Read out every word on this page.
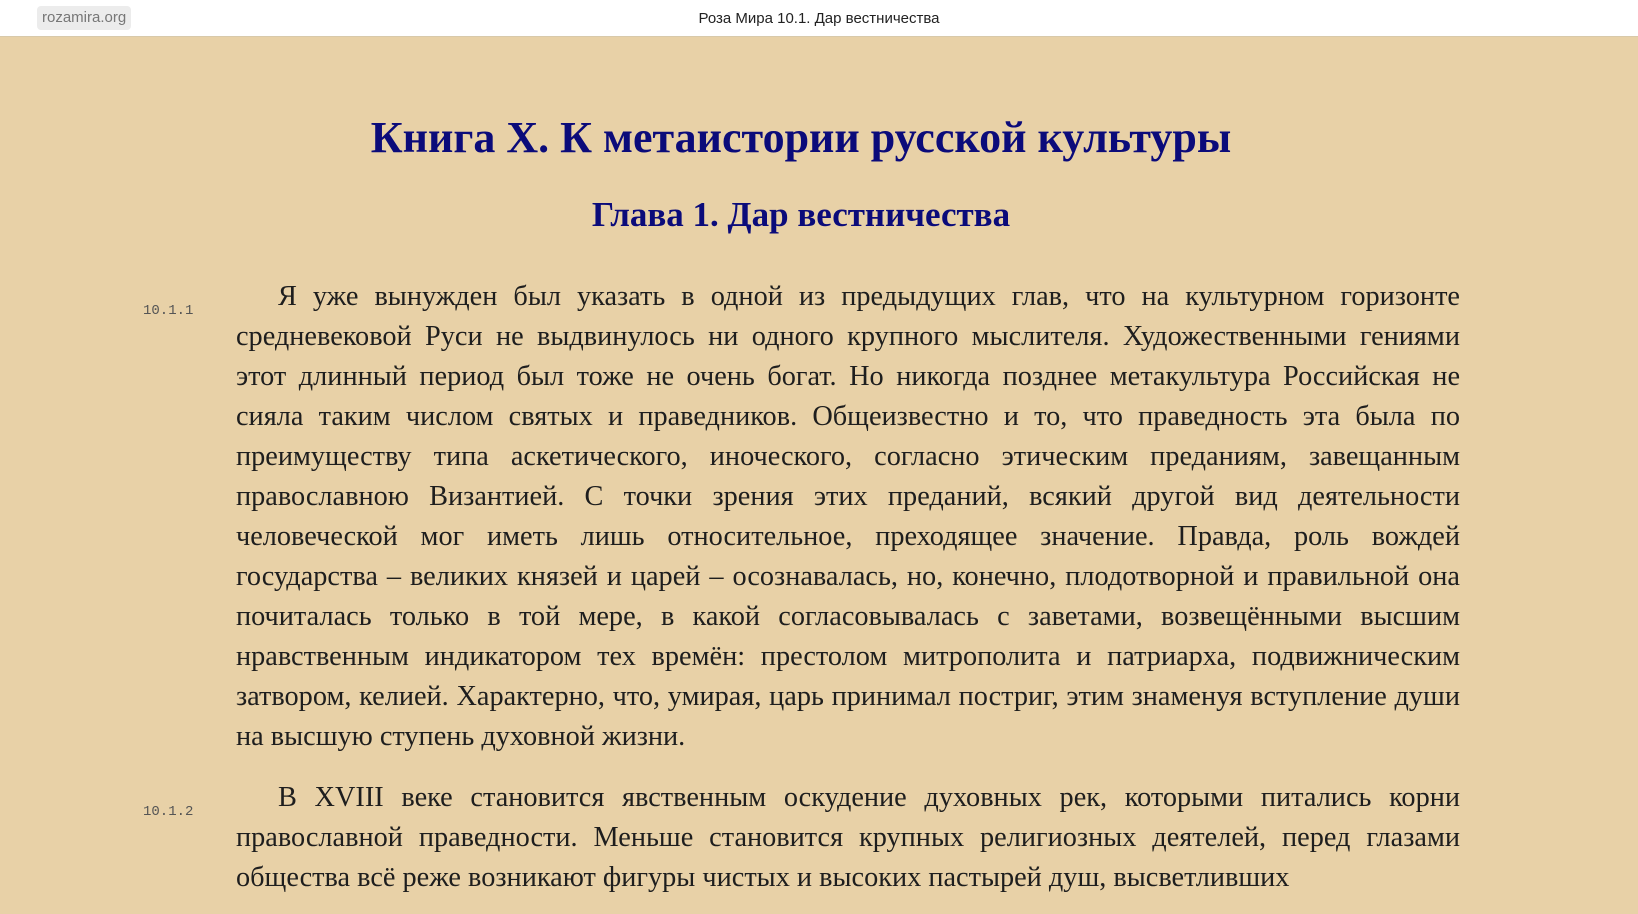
rozamira.org	Роза Мира 10.1. Дар вестничества
Книга X. К метаистории русской культуры
Глава 1. Дар вестничества
10.1.1	Я уже вынужден был указать в одной из предыдущих глав, что на культурном горизонте средневековой Руси не выдвинулось ни одного крупного мыслителя. Художественными гениями этот длинный период был тоже не очень богат. Но никогда позднее метакультура Российская не сияла таким числом святых и праведников. Общеизвестно и то, что праведность эта была по преимуществу типа аскетического, иноческого, согласно этическим преданиям, завещанным православною Византией. С точки зрения этих преданий, всякий другой вид деятельности человеческой мог иметь лишь относительное, преходящее значение. Правда, роль вождей государства – великих князей и царей – осознавалась, но, конечно, плодотворной и правильной она почиталась только в той мере, в какой согласовывалась с заветами, возвещёнными высшим нравственным индикатором тех времён: престолом митрополита и патриарха, подвижническим затвором, келией. Характерно, что, умирая, царь принимал постриг, этим знаменуя вступление души на высшую ступень духовной жизни.

10.1.2	В XVIII веке становится явственным оскудение духовных рек, которыми питались корни православной праведности. Меньше становится крупных религиозных деятелей, перед глазами общества всё реже возникают фигуры чистых и высоких пастырей душ, высветливших
